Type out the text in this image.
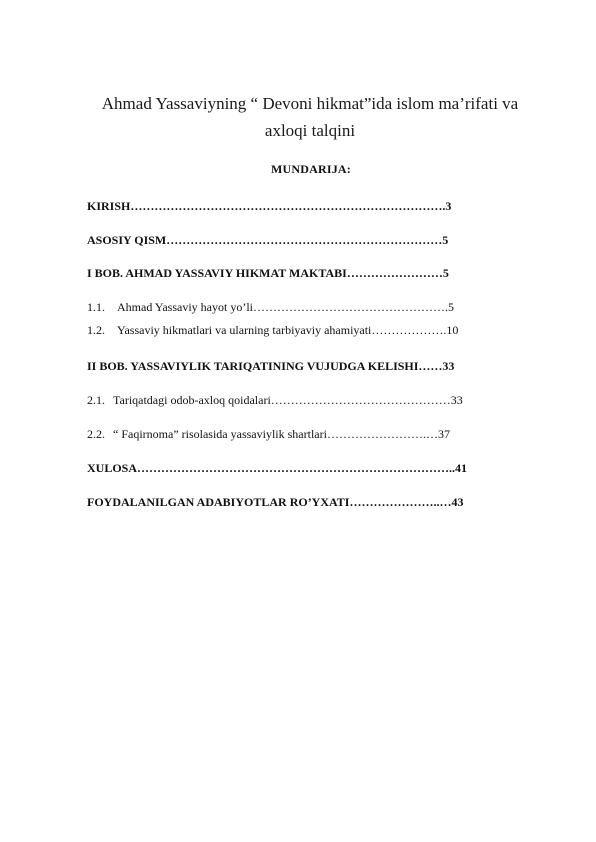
Ahmad Yassaviyning “ Devoni hikmat”ida islom ma’rifati va
axloqi talqini
MUNDARIJA:
KIRISH…………………………………………………………………….3
ASOSIY QISM……………………………………………………………5
I BOB. AHMAD YASSAVIY HIKMAT MAKTABI……………………5
1.1. Ahmad Yassaviy hayot yo’li………………………………………….5
1.2. Yassaviy hikmatlari va ularning tarbiyaviy ahamiyati……………….10
II BOB. YASSAVIYLIK TARIQATINING VUJUDGA KELISHI……33
2.1. Tariqatdagi odob-axloq qoidalari………………………………………33
2.2. “ Faqirnoma” risolasida yassaviylik shartlari…………………….…37
XULOSA……………………………………………………………………..41
FOYDALANILGAN ADABIYOTLAR RO’YXATI…………………..…43
